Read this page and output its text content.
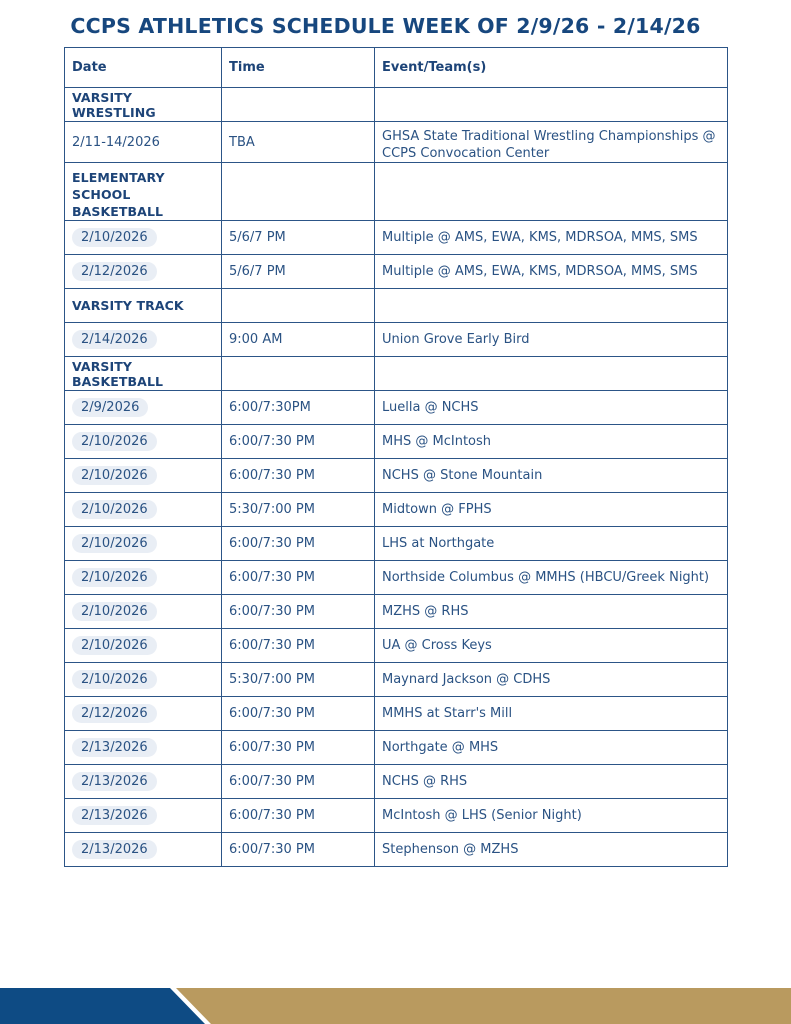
CCPS ATHLETICS SCHEDULE WEEK OF 2/9/26 - 2/14/26
Date	Time	Event/Team(s)
VARSITY WRESTLING		
2/11-14/2026	TBA	GHSA State Traditional Wrestling Championships @ CCPS Convocation Center
ELEMENTARY
SCHOOL BASKETBALL		
2/10/2026	5/6/7 PM	Multiple @ AMS, EWA, KMS, MDRSOA, MMS, SMS
2/12/2026	5/6/7 PM	Multiple @ AMS, EWA, KMS, MDRSOA, MMS, SMS
VARSITY TRACK		
2/14/2026	9:00 AM	Union Grove Early Bird
VARSITY BASKETBALL		
2/9/2026	6:00/7:30PM	Luella @ NCHS
2/10/2026	6:00/7:30 PM	MHS @ McIntosh
2/10/2026	6:00/7:30 PM	NCHS @ Stone Mountain
2/10/2026	5:30/7:00 PM	Midtown @ FPHS
2/10/2026	6:00/7:30 PM	LHS at Northgate
2/10/2026	6:00/7:30 PM	Northside Columbus @ MMHS (HBCU/Greek Night)
2/10/2026	6:00/7:30 PM	MZHS @ RHS
2/10/2026	6:00/7:30 PM	UA @ Cross Keys
2/10/2026	5:30/7:00 PM	Maynard Jackson @ CDHS
2/12/2026	6:00/7:30 PM	MMHS at Starr's Mill
2/13/2026	6:00/7:30 PM	Northgate @ MHS
2/13/2026	6:00/7:30 PM	NCHS @ RHS
2/13/2026	6:00/7:30 PM	McIntosh @ LHS (Senior Night)
2/13/2026	6:00/7:30 PM	Stephenson @ MZHS
